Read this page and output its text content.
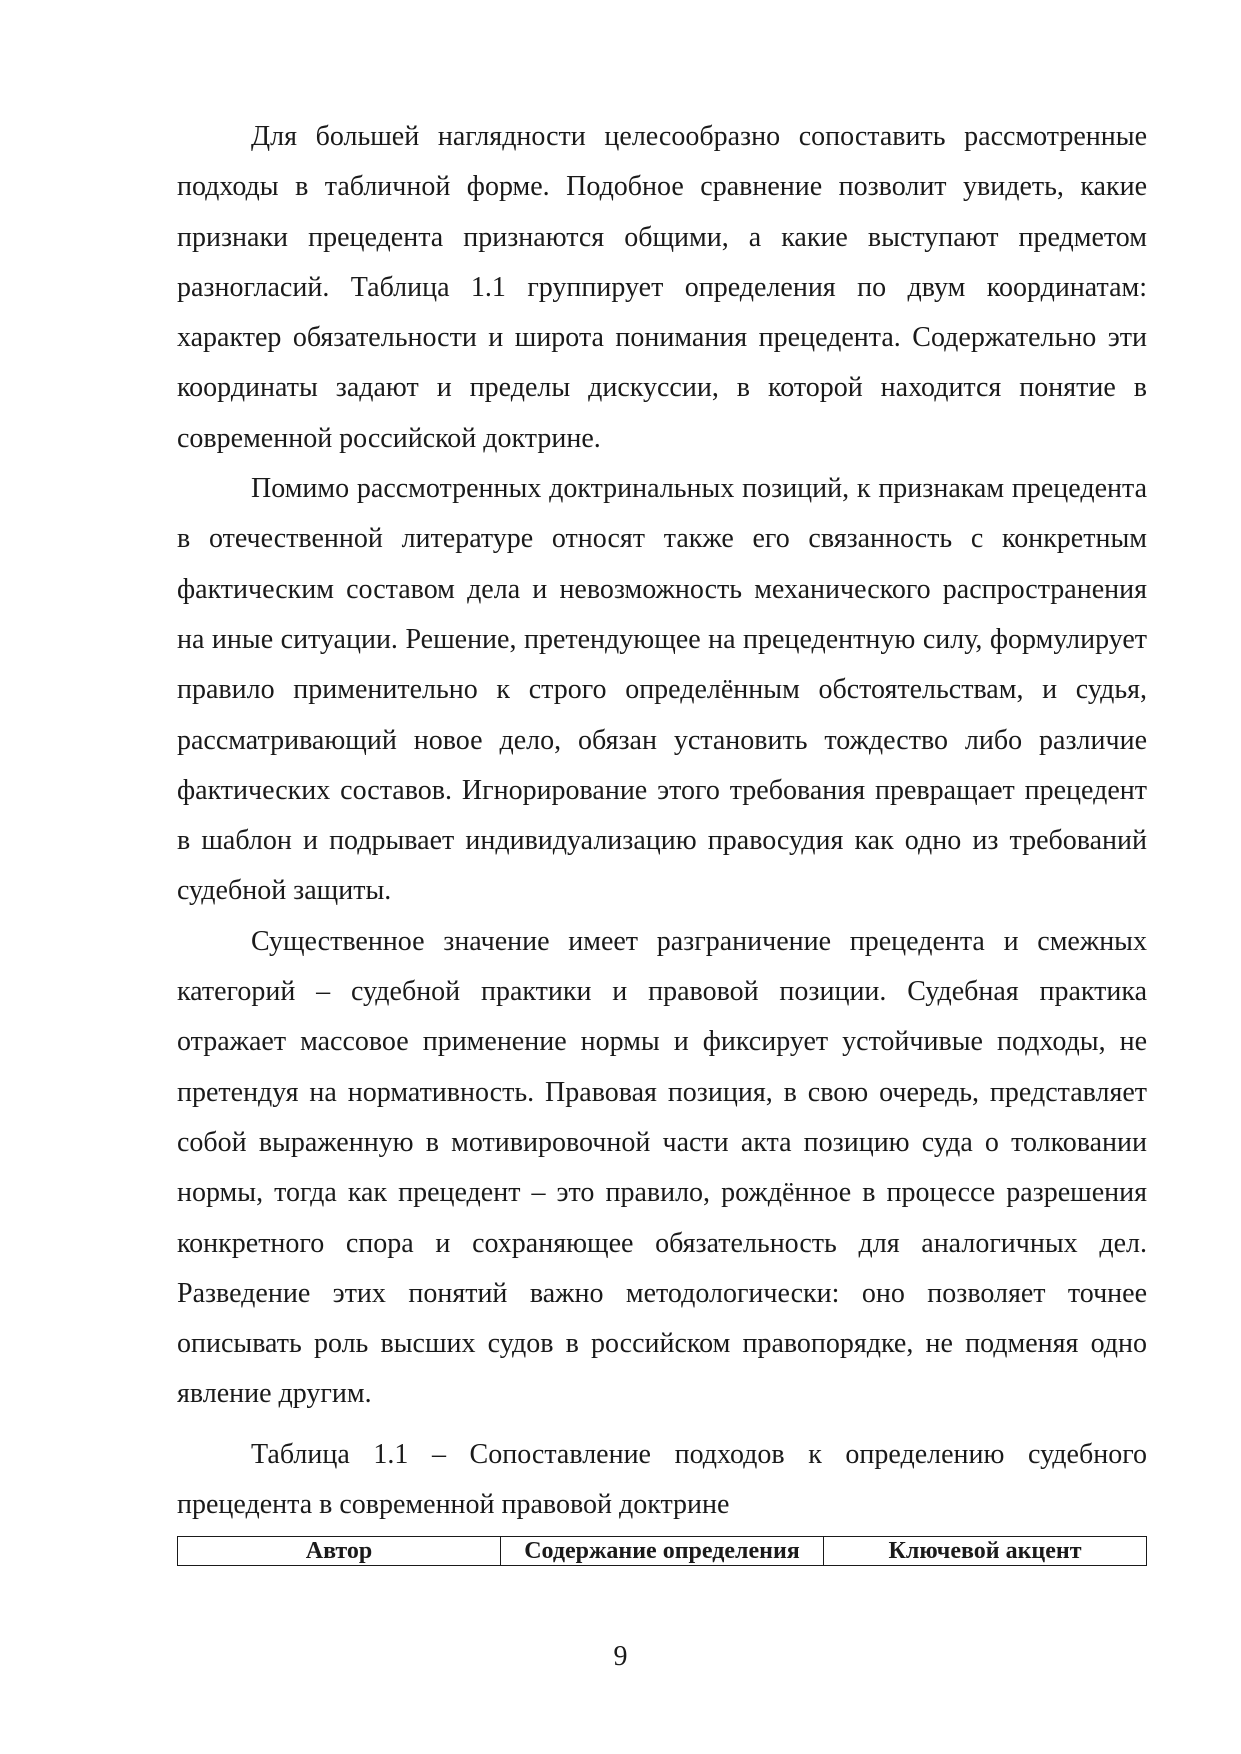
Для большей наглядности целесообразно сопоставить рассмотренные подходы в табличной форме. Подобное сравнение позволит увидеть, какие признаки прецедента признаются общими, а какие выступают предметом разногласий. Таблица 1.1 группирует определения по двум координатам: характер обязательности и широта понимания прецедента. Содержательно эти координаты задают и пределы дискуссии, в которой находится понятие в современной российской доктрине.

Помимо рассмотренных доктринальных позиций, к признакам прецедента в отечественной литературе относят также его связанность с конкретным фактическим составом дела и невозможность механического распространения на иные ситуации. Решение, претендующее на прецедентную силу, формулирует правило применительно к строго определённым обстоятельствам, и судья, рассматривающий новое дело, обязан установить тождество либо различие фактических составов. Игнорирование этого требования превращает прецедент в шаблон и подрывает индивидуализацию правосудия как одно из требований судебной защиты.

Существенное значение имеет разграничение прецедента и смежных категорий – судебной практики и правовой позиции. Судебная практика отражает массовое применение нормы и фиксирует устойчивые подходы, не претендуя на нормативность. Правовая позиция, в свою очередь, представляет собой выраженную в мотивировочной части акта позицию суда о толковании нормы, тогда как прецедент – это правило, рождённое в процессе разрешения конкретного спора и сохраняющее обязательность для аналогичных дел. Разведение этих понятий важно методологически: оно позволяет точнее описывать роль высших судов в российском правопорядке, не подменяя одно явление другим.

Таблица 1.1 – Сопоставление подходов к определению судебного прецедента в современной правовой доктрине

Автор	Содержание определения	Ключевой акцент
9
